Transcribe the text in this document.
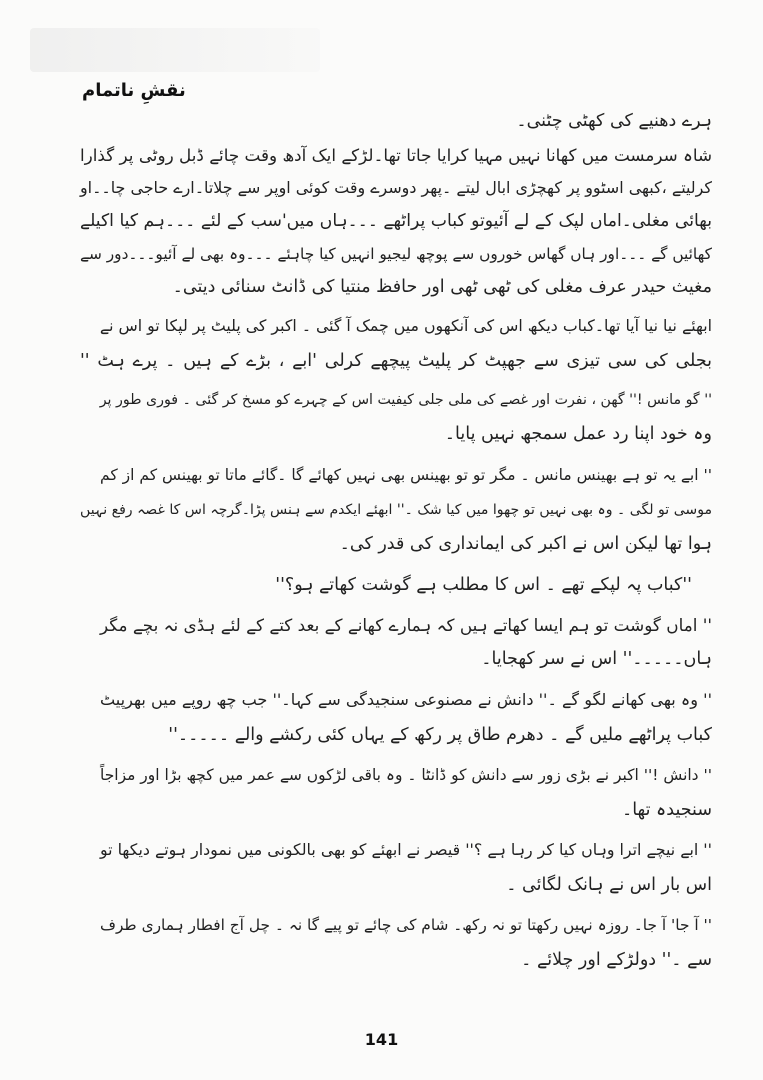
نقشِ ناتمام
ہرے دھنیے کی کھٹی چٹنی۔
شاہ سرمست میں کھانا نہیں مہیا کرایا جاتا تھا۔لڑکے ایک آدھ وقت چائے ڈبل روٹی پر گذارا
کرلیتے ،کبھی اسٹوو پر کھچڑی ابال لیتے ۔پھر دوسرے وقت کوئی اوپر سے چلاتا۔ارے حاجی چا۔۔او
بھائی مغلی۔اماں لپک کے لے آئیوتو کباب پراٹھے ۔۔۔ہاں میں'سب کے لئے ۔۔۔ہم کیا اکیلے
کھائیں گے ۔۔۔اور ہاں گھاس خوروں سے پوچھ لیجیو انہیں کیا چاہئے ۔۔۔وہ بھی لے آئیو۔۔۔دور سے
مغیث حیدر عرف مغلی کی ٹھی ٹھی اور حافظ منتیا کی ڈانٹ سنائی دیتی۔
ابھئے نیا نیا آیا تھا۔کباب دیکھ اس کی آنکھوں میں چمک آ گئی ۔ اکبر کی پلیٹ پر لپکا تو اس نے
بجلی کی سی تیزی سے جھپٹ کر پلیٹ پیچھے کرلی 'ابے ، بڑے کے ہیں ۔ پرے ہٹ ''
'' گو مانس !'' گھن ، نفرت اور غصے کی ملی جلی کیفیت اس کے چہرے کو مسخ کر گئی ۔ فوری طور پر
وہ خود اپنا رد عمل سمجھ نہیں پایا۔
'' ابے یہ تو ہے بھینس مانس ۔ مگر تو تو بھینس بھی نہیں کھائے گا ۔گائے ماتا تو بھینس کم از کم
موسی تو لگی ۔ وہ بھی نہیں تو چھوا میں کیا شک ۔'' ابھئے ایکدم سے ہنس پڑا۔گرچہ اس کا غصہ رفع نہیں
ہوا تھا لیکن اس نے اکبر کی ایمانداری کی قدر کی۔
''کباب پہ لپکے تھے ۔ اس کا مطلب ہے گوشت کھاتے ہو؟''
'' اماں گوشت تو ہم ایسا کھاتے ہیں کہ ہمارے کھانے کے بعد کتے کے لئے ہڈی نہ بچے مگر
ہاں۔۔۔۔۔'' اس نے سر کھجایا۔
'' وہ بھی کھانے لگو گے ۔'' دانش نے مصنوعی سنجیدگی سے کہا۔'' جب چھ روپے میں بھرپیٹ
کباب پراٹھے ملیں گے ۔ دھرم طاق پر رکھ کے یہاں کئی رکشے والے ۔۔۔۔۔''
'' دانش !'' اکبر نے بڑی زور سے دانش کو ڈانٹا ۔ وہ باقی لڑکوں سے عمر میں کچھ بڑا اور مزاجاً
سنجیدہ تھا۔
'' ابے نیچے اترا وہاں کیا کر رہا ہے ؟'' قیصر نے ابھئے کو بھی بالکونی میں نمودار ہوتے دیکھا تو
اس بار اس نے ہانک لگائی ۔
'' آ جا' آ جا۔ روزہ نہیں رکھتا تو نہ رکھ۔ شام کی چائے تو پیے گا نہ ۔ چل آج افطار ہماری طرف
سے ۔'' دولڑکے اور چلائے ۔
141
